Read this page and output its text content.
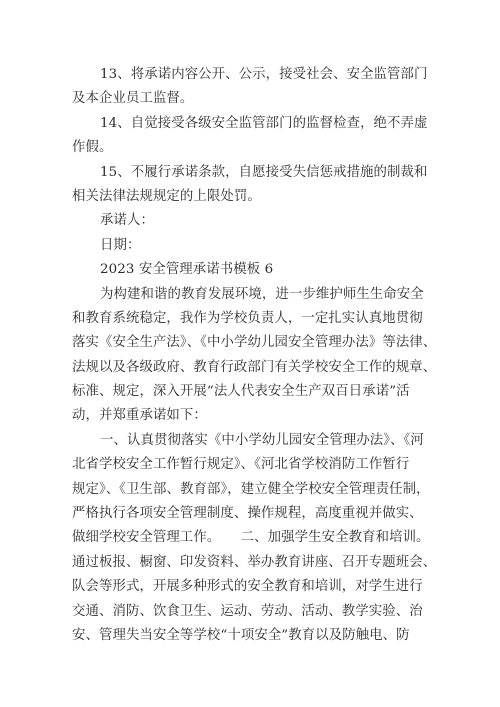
13、将承诺内容公开、公示，接受社会、安全监管部门
及本企业员工监督。
14、自觉接受各级安全监管部门的监督检查，绝不弄虚
作假。
15、不履行承诺条款，自愿接受失信惩戒措施的制裁和
相关法律法规规定的上限处罚。
承诺人：
日期：
2023 安全管理承诺书模板 6
为构建和谐的教育发展环境，进一步维护师生生命安全
和教育系统稳定，我作为学校负责人，一定扎实认真地贯彻
落实《安全生产法》、《中小学幼儿园安全管理办法》等法律、
法规以及各级政府、教育行政部门有关学校安全工作的规章、
标准、规定，深入开展“法人代表安全生产双百日承诺”活
动，并郑重承诺如下：
一、认真贯彻落实《中小学幼儿园安全管理办法》、《河
北省学校安全工作暂行规定》、《河北省学校消防工作暂行
规定》、《卫生部、教育部》，建立健全学校安全管理责任制，
严格执行各项安全管理制度、操作规程，高度重视并做实、
做细学校安全管理工作。　　二、加强学生安全教育和培训。
通过板报、橱窗、印发资料、举办教育讲座、召开专题班会、
队会等形式，开展多种形式的安全教育和培训，对学生进行
交通、消防、饮食卫生、运动、劳动、活动、教学实验、治
安、管理失当安全等学校“十项安全”教育以及防触电、防
